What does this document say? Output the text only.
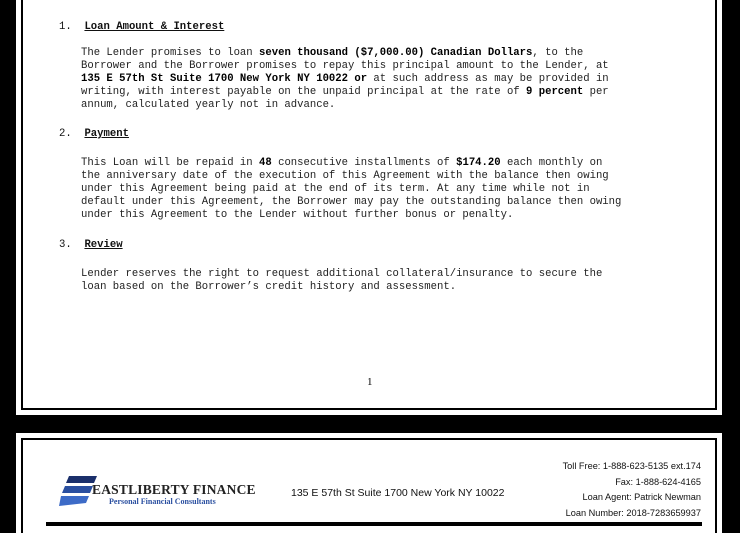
1. Loan Amount & Interest
The Lender promises to loan seven thousand ($7,000.00) Canadian Dollars, to the
Borrower and the Borrower promises to repay this principal amount to the Lender, at
135 E 57th St Suite 1700 New York NY 10022 or at such address as may be provided in
writing, with interest payable on the unpaid principal at the rate of 9 percent per
annum, calculated yearly not in advance.
2. Payment
This Loan will be repaid in 48 consecutive installments of $174.20 each monthly on
the anniversary date of the execution of this Agreement with the balance then owing
under this Agreement being paid at the end of its term. At any time while not in
default under this Agreement, the Borrower may pay the outstanding balance then owing
under this Agreement to the Lender without further bonus or penalty.
3. Review
Lender reserves the right to request additional collateral/insurance to secure the
loan based on the Borrower’s credit history and assessment.
1
EASTLIBERTY FINANCE
Personal Financial Consultants
135 E 57th St Suite 1700 New York NY 10022
Toll Free: 1-888-623-5135 ext.174
Fax: 1-888-624-4165
Loan Agent: Patrick Newman
Loan Number: 2018-7283659937
